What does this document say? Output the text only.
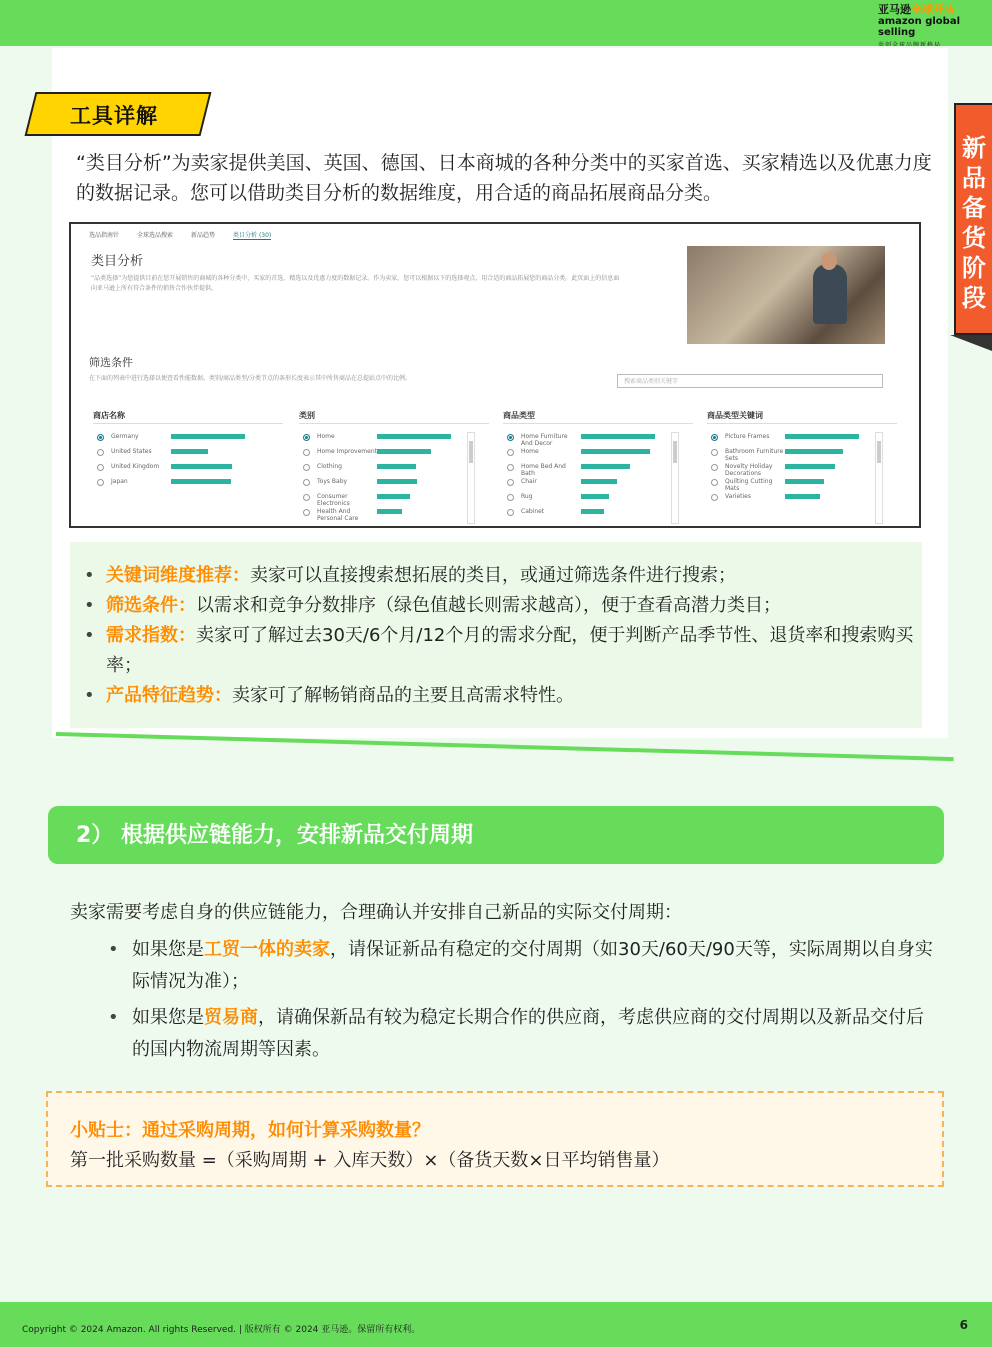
亚马逊全球开店
amazon global selling
新品备货阶段
工具详解
“类目分析”为卖家提供美国、英国、德国、日本商城的各种分类中的买家首选、买家精选以及优惠力度的数据记录。您可以借助类目分析的数据维度，用合适的商品拓展商品分类。
选品指南针	全球选品搜索	新品趋势	类目分析 (30)
类目分析
“品类选择”为您提供目前在您开展销售的商城的各种分类中，买家的首选、精选以及优惠力度的数据记录。作为卖家，您可以根据以下的选择观点，用合适的商品拓展您的商品分类。此页面上的信息面向亚马逊上所有符合条件的销售合作伙伴提供。
筛选条件
在下面的列表中进行选择以便查看性能数据。类别/商品类型/分类节点的条形长度表示其中所售商品在总提站点中的比例。	搜索商品类别关键字
商店名称
Germany
United States
United Kingdom
Japan
类别
Home
Home Improvement
Clothing
Toys Baby
Consumer Electronics
Health And Personal Care
商品类型
Home Furniture And Decor
Home
Home Bed And Bath
Chair
Rug
Cabinet
商品类型关键词
Picture Frames
Bathroom Furniture Sets
Novelty Holiday Decorations
Quilting Cutting Mats
Varieties
• 关键词维度推荐：卖家可以直接搜索想拓展的类目，或通过筛选条件进行搜索；
• 筛选条件：以需求和竞争分数排序（绿色值越长则需求越高），便于查看高潜力类目；
• 需求指数：卖家可了解过去30天/6个月/12个月的需求分配，便于判断产品季节性、退货率和搜索购买率；
• 产品特征趋势：卖家可了解畅销商品的主要且高需求特性。
2） 根据供应链能力，安排新品交付周期
卖家需要考虑自身的供应链能力，合理确认并安排自己新品的实际交付周期：
• 如果您是工贸一体的卖家，请保证新品有稳定的交付周期（如30天/60天/90天等，实际周期以自身实际情况为准）；
• 如果您是贸易商，请确保新品有较为稳定长期合作的供应商，考虑供应商的交付周期以及新品交付后的国内物流周期等因素。
小贴士：通过采购周期，如何计算采购数量？
第一批采购数量 =（采购周期 + 入库天数）×（备货天数×日平均销售量）
Copyright © 2024 Amazon. All rights Reserved. | 版权所有 © 2024 亚马逊。保留所有权利。	6
